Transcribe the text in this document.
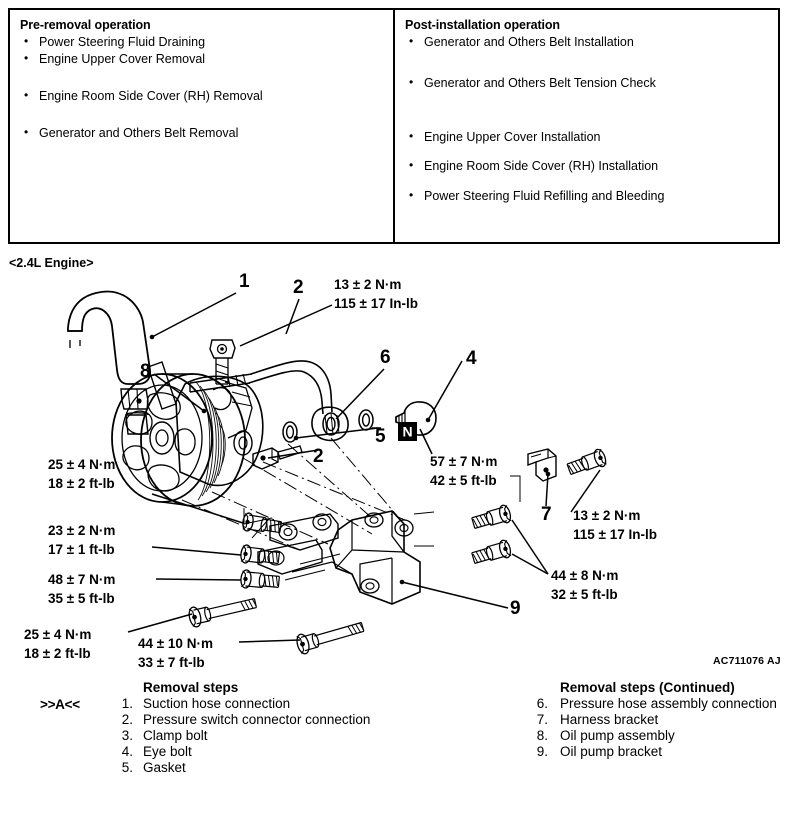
Pre-removal operation

• Power Steering Fluid Draining
• Engine Upper Cover Removal
• Engine Room Side Cover (RH) Removal
• Generator and Others Belt Removal

Post-installation operation

• Generator and Others Belt Installation
• Generator and Others Belt Tension Check
• Engine Upper Cover Installation
• Engine Room Side Cover (RH) Installation
• Power Steering Fluid Refilling and Bleeding
<2.4L Engine>
1 2
6	4
8
2
5
7
9
N
13 ± 2 N·m
115 ± 17 In-lb
57 ± 7 N·m
42 ± 5 ft-lb
13 ± 2 N·m
115 ± 17 In-lb
44 ± 8 N·m
32 ± 5 ft-lb
25 ± 4 N·m
18 ± 2 ft-lb
23 ± 2 N·m
17 ± 1 ft-lb
48 ± 7 N·m
35 ± 5 ft-lb
25 ± 4 N·m
18 ± 2 ft-lb
44 ± 10 N·m
33 ± 7 ft-lb	AC711076 AJ

Removal steps

>>A<<	1. Suction hose connection
2. Pressure switch connector connection
3. Clamp bolt
4. Eye bolt
5. Gasket

Removal steps (Continued)

6. Pressure hose assembly connection
7. Harness bracket
8. Oil pump assembly
9. Oil pump bracket
